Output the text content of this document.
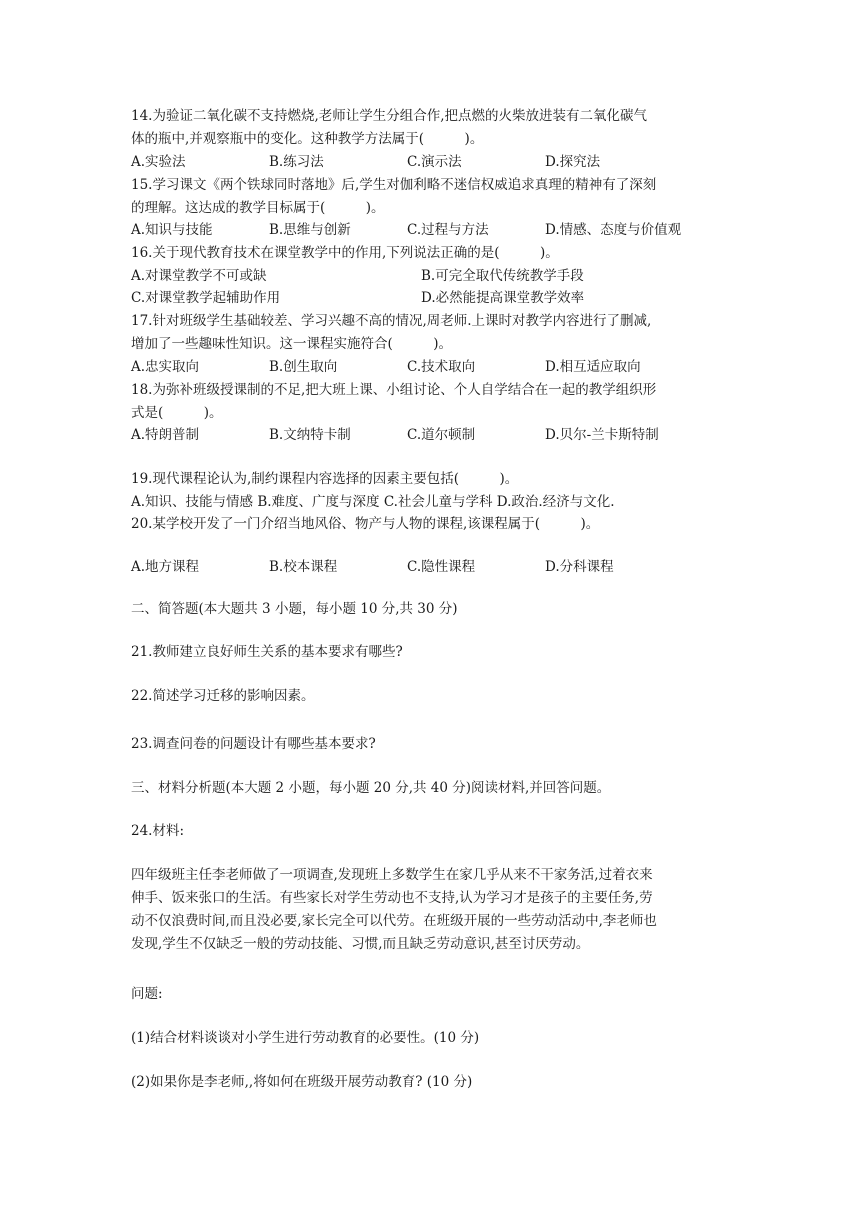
14.为验证二氧化碳不支持燃烧,老师让学生分组合作,把点燃的火柴放进装有二氧化碳气
体的瓶中,并观察瓶中的变化。这种教学方法属于(　　　)。
A.实验法	B.练习法	C.演示法	D.探究法
15.学习课文《两个铁球同时落地》后,学生对伽利略不迷信权威追求真理的精神有了深刻
的理解。这达成的教学目标属于(　　　)。
A.知识与技能	B.思维与创新	C.过程与方法	D.情感、态度与价值观
16.关于现代教育技术在课堂教学中的作用,下列说法正确的是(　　　)。
A.对课堂教学不可或缺	B.可完全取代传统教学手段
C.对课堂教学起辅助作用	D.必然能提高课堂教学效率
17.针对班级学生基础较差、学习兴趣不高的情况,周老师.上课时对教学内容进行了删减,
增加了一些趣味性知识。这一课程实施符合(　　　)。
A.忠实取向	B.创生取向	C.技术取向	D.相互适应取向
18.为弥补班级授课制的不足,把大班上课、小组讨论、个人自学结合在一起的教学组织形
式是(　　　)。
A.特朗普制	B.文纳特卡制	C.道尔顿制	D.贝尔-兰卡斯特制
19.现代课程论认为,制约课程内容选择的因素主要包括(　　　)。
A.知识、技能与情感 B.难度、广度与深度 C.社会儿童与学科 D.政治.经济与文化.
20.某学校开发了一门介绍当地风俗、物产与人物的课程,该课程属于(　　　)。
A.地方课程	B.校本课程	C.隐性课程	D.分科课程
二、简答题(本大题共 3 小题，每小题 10 分,共 30 分)
21.教师建立良好师生关系的基本要求有哪些?
22.简述学习迁移的影响因素。
23.调查问卷的问题设计有哪些基本要求?
三、材料分析题(本大题 2 小题，每小题 20 分,共 40 分)阅读材料,并回答问题。
24.材料:
四年级班主任李老师做了一项调查,发现班上多数学生在家几乎从来不干家务活,过着衣来
伸手、饭来张口的生活。有些家长对学生劳动也不支持,认为学习才是孩子的主要任务,劳
动不仅浪费时间,而且没必要,家长完全可以代劳。在班级开展的一些劳动活动中,李老师也
发现,学生不仅缺乏一般的劳动技能、习惯,而且缺乏劳动意识,甚至讨厌劳动。
问题:
(1)结合材料谈谈对小学生进行劳动教育的必要性。(10 分)
(2)如果你是李老师,,将如何在班级开展劳动教育? (10 分)
